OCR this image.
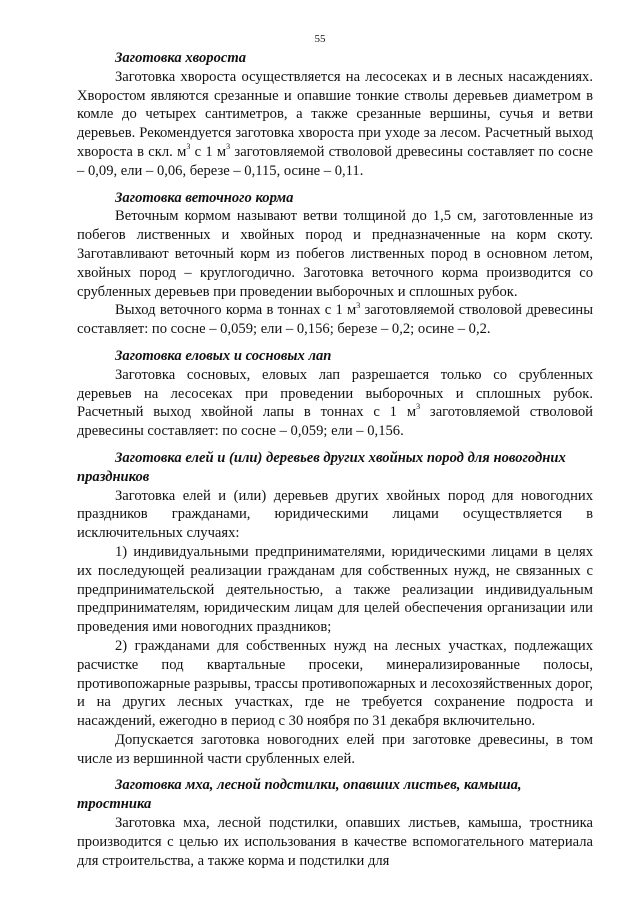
55
Заготовка хвороста

Заготовка хвороста осуществляется на лесосеках и в лесных насаждениях. Хворостом являются срезанные и опавшие тонкие стволы деревьев диаметром в комле до четырех сантиметров, а также срезанные вершины, сучья и ветви деревьев. Рекомендуется заготовка хвороста при уходе за лесом. Расчетный выход хвороста в скл. $м^3$ с 1 $м^3$ заготовляемой стволовой древесины составляет по сосне – 0,09, ели – 0,06, березе – 0,115, осине – 0,11.

Заготовка веточного корма

Веточным кормом называют ветви толщиной до 1,5 см, заготовленные из побегов лиственных и хвойных пород и предназначенные на корм скоту. Заготавливают веточный корм из побегов лиственных пород в основном летом, хвойных пород – круглогодично. Заготовка веточного корма производится со срубленных деревьев при проведении выборочных и сплошных рубок.

Выход веточного корма в тоннах с 1 $м^3$ заготовляемой стволовой древесины составляет: по сосне – 0,059; ели – 0,156; березе – 0,2; осине – 0,2.

Заготовка еловых и сосновых лап

Заготовка сосновых, еловых лап разрешается только со срубленных деревьев на лесосеках при проведении выборочных и сплошных рубок. Расчетный выход хвойной лапы в тоннах с 1 $м^3$ заготовляемой стволовой древесины составляет: по сосне – 0,059; ели – 0,156.

Заготовка елей и (или) деревьев других хвойных пород для новогодних праздников

Заготовка елей и (или) деревьев других хвойных пород для новогодних праздников гражданами, юридическими лицами осуществляется в исключительных случаях:

1) индивидуальными предпринимателями, юридическими лицами в целях их последующей реализации гражданам для собственных нужд, не связанных с предпринимательской деятельностью, а также реализации индивидуальным предпринимателям, юридическим лицам для целей обеспечения организации или проведения ими новогодних праздников;

2) гражданами для собственных нужд на лесных участках, подлежащих расчистке под квартальные просеки, минерализированные полосы, противопожарные разрывы, трассы противопожарных и лесохозяйственных дорог, и на других лесных участках, где не требуется сохранение подроста и насаждений, ежегодно в период с 30 ноября по 31 декабря включительно.

Допускается заготовка новогодних елей при заготовке древесины, в том числе из вершинной части срубленных елей.

Заготовка мха, лесной подстилки, опавших листьев, камыша, тростника

Заготовка мха, лесной подстилки, опавших листьев, камыша, тростника производится с целью их использования в качестве вспомогательного материала для строительства, а также корма и подстилки для
